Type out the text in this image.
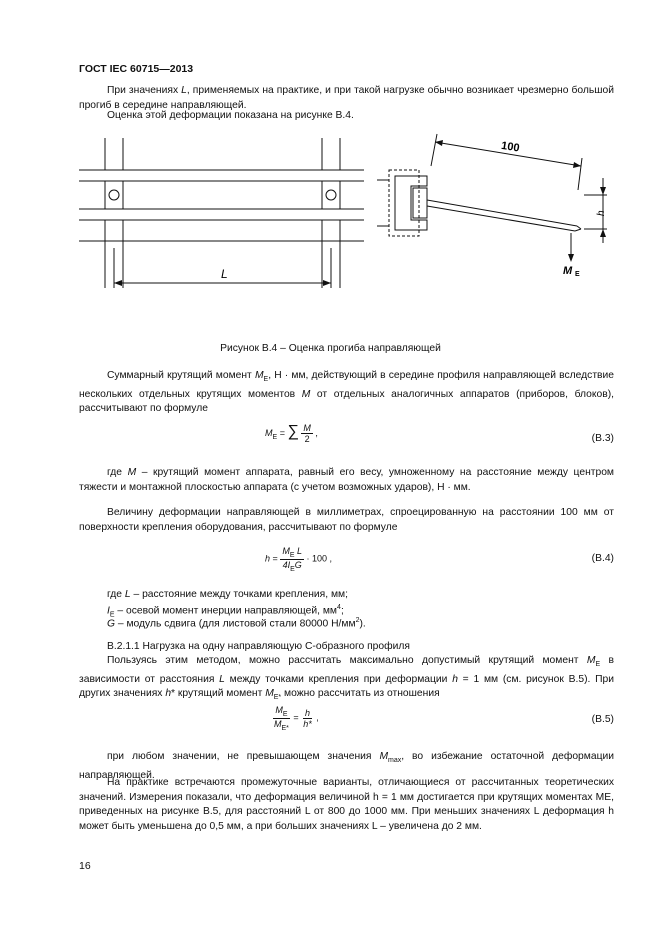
ГОСТ IEC 60715—2013
При значениях L, применяемых на практике, и при такой нагрузке обычно возникает чрезмерно большой прогиб в середине направляющей.
Оценка этой деформации показана на рисунке В.4.
L
100
h
M E
Рисунок В.4 – Оценка прогиба направляющей
Суммарный крутящий момент $M_E$, Н · мм, действующий в середине профиля направляющей вследствие нескольких отдельных крутящих моментов M от отдельных аналогичных аппаратов (приборов, блоков), рассчитывают по формуле
$M_E$ = ∑ $\frac{M}{2}$ ,	(В.3)
где M – крутящий момент аппарата, равный его весу, умноженному на расстояние между центром тяжести и монтажной плоскостью аппарата (с учетом возможных ударов), Н · мм.
Величину деформации направляющей в миллиметрах, спроецированную на расстоянии 100 мм от поверхности крепления оборудования, рассчитывают по формуле
$h = \frac{M_E L}{4I_EG} \cdot 100$ ,	(В.4)
где L – расстояние между точками крепления, мм;
$I_E$ – осевой момент инерции направляющей, $мм^4$;
G – модуль сдвига (для листовой стали 80000 $Н/мм^2$).
В.2.1.1 Нагрузка на одну направляющую С-образного профиля
Пользуясь этим методом, можно рассчитать максимально допустимый крутящий момент $M_E$ в зависимости от расстояния L между точками крепления при деформации h = 1 мм (см. рисунок В.5). При других значениях h* крутящий момент $M_{E*}$ можно рассчитать из отношения
$\frac{M_E}{M_{E*}} = \frac{h}{h*}$ ,	(В.5)
при любом значении, не превышающем значения $M_{max}$, во избежание остаточной деформации направляющей.
На практике встречаются промежуточные варианты, отличающиеся от рассчитанных теоретических значений. Измерения показали, что деформация величиной h = 1 мм достигается при крутящих моментах ME, приведенных на рисунке В.5, для расстояний L от 800 до 1000 мм. При меньших значениях L деформация h может быть уменьшена до 0,5 мм, а при больших значениях L – увеличена до 2 мм.
16
